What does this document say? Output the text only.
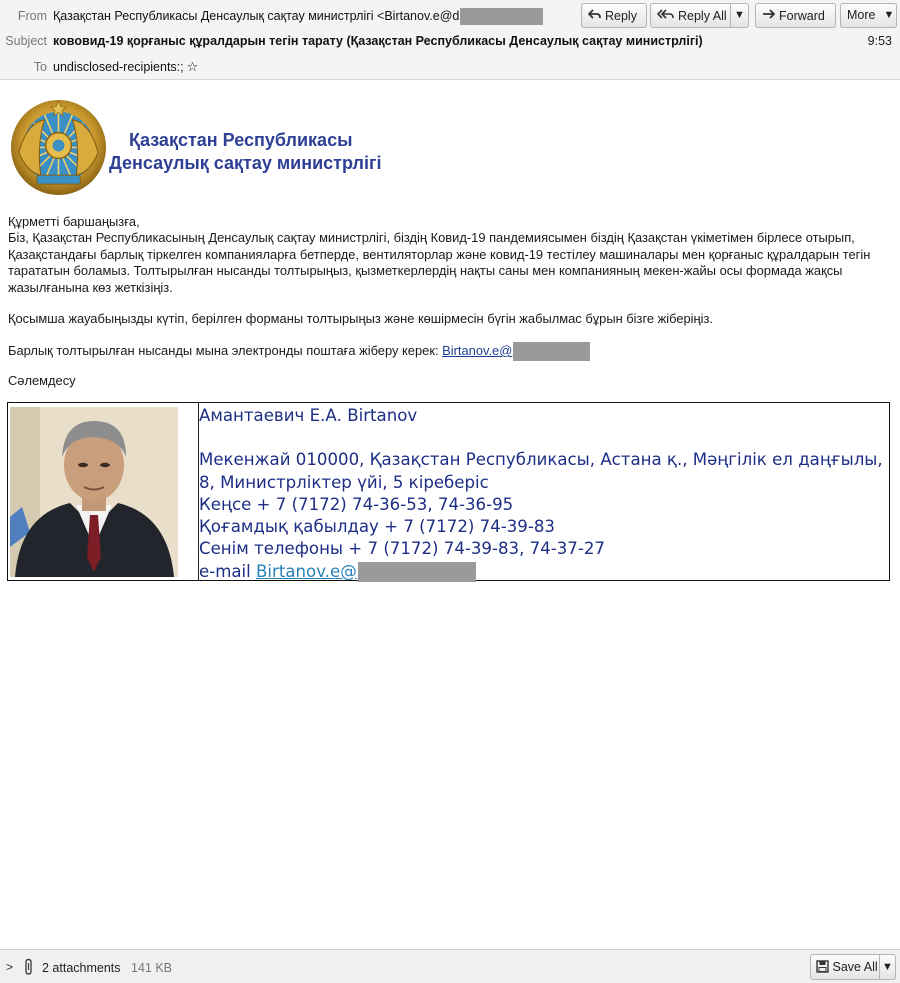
From Қазақстан Республикасы Денсаулық сақтау министрлігі <Birtanov.e@d
Subject ковoвид-19 қорғаныс құралдарын тегін тарату (Қазақстан Республикасы Денсаулық сақтау министрлігі)	9:53
To undisclosed-recipients:; ☆
Reply	Reply All ▼	Forward	More ▼
Қазақстан Республикасы
Денсаулық сақтау министрлігі
Құрметті баршаңызға,
Біз, Қазақстан Республикасының Денсаулық сақтау министрлігі, біздің Ковид-19 пандемиясымен біздің Қазақстан үкіметімен бірлесе отырып, Қазақстандағы барлық тіркелген компанияларға бетперде, вентиляторлар және ковид-19 тестілеу машиналары мен қорғаныс құралдарын тегін тарататын боламыз. Толтырылған нысанды толтырыңыз, қызметкерлердің нақты саны мен компанияның мекен-жайы осы формада жақсы жазылғанына көз жеткізіңіз.
Қосымша жауабыңызды күтіп, берілген форманы толтырыңыз және көшірмесін бүгін жабылмас бұрын бізге жіберіңіз.
Барлық толтырылған нысанды мына электронды поштаға жіберу керек: Birtanov.e@
Сәлемдесу
Амантаевич Е.А. Birtanov
Мекенжай 010000, Қазақстан Республикасы, Астана қ., Мәңгілік ел даңғылы, 8, Министрліктер үйі, 5 кіреберіс
Кеңсе + 7 (7172) 74-36-53, 74-36-95
Қоғамдық қабылдау + 7 (7172) 74-39-83
Сенім телефоны + 7 (7172) 74-39-83, 74-37-27
e-mail Birtanov.e@
> 2 attachments 141 KB	Save All ▼
